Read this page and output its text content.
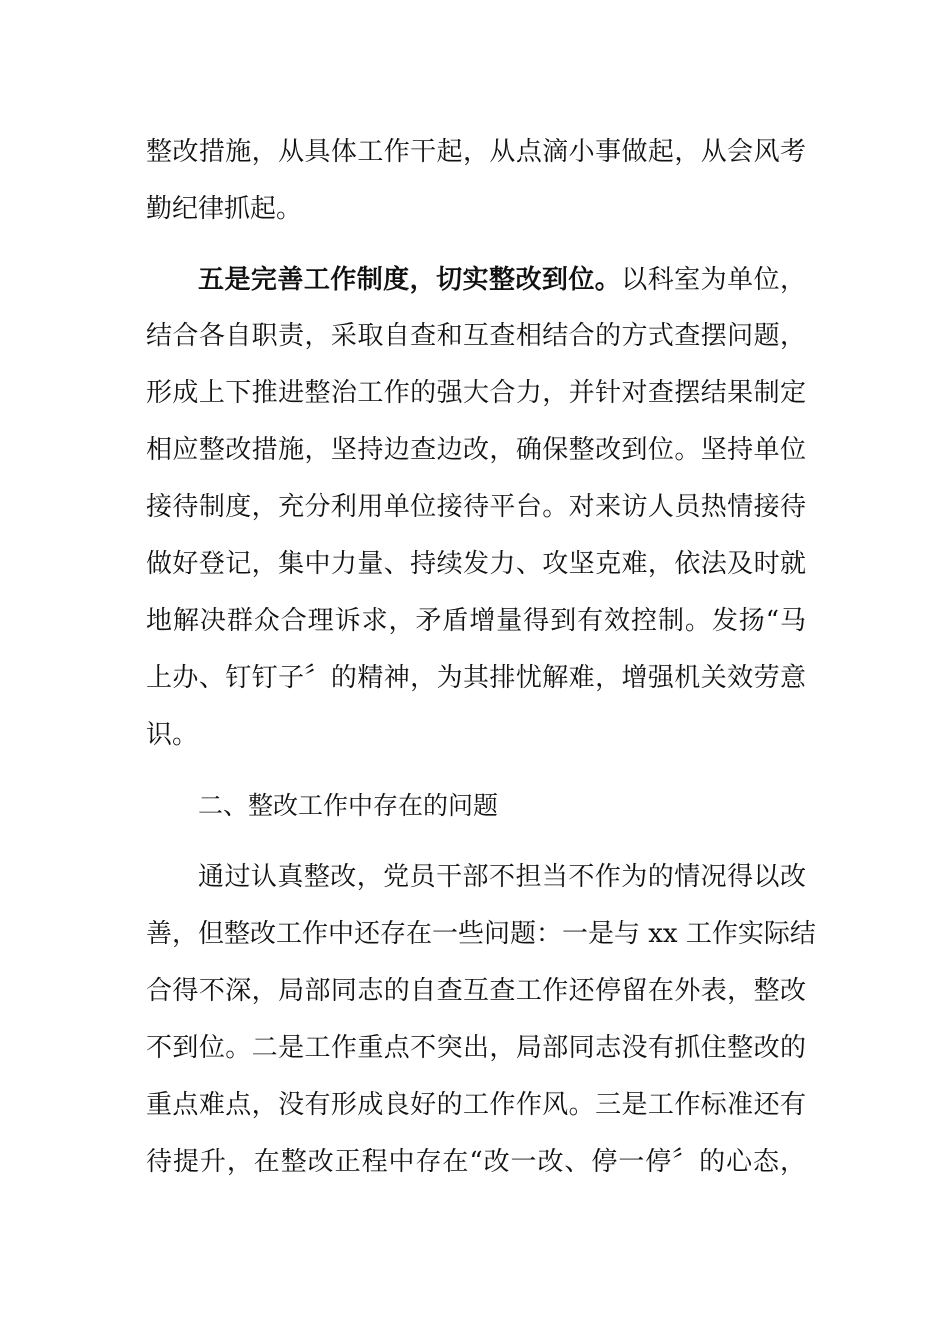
整改措施，从具体工作干起，从点滴小事做起，从会风考
勤纪律抓起。
五是完善工作制度，切实整改到位。以科室为单位，
结合各自职责，采取自查和互查相结合的方式查摆问题，
形成上下推进整治工作的强大合力，并针对查摆结果制定
相应整改措施，坚持边查边改，确保整改到位。坚持单位
接待制度，充分利用单位接待平台。对来访人员热情接待
做好登记，集中力量、持续发力、攻坚克难，依法及时就
地解决群众合理诉求，矛盾增量得到有效控制。发扬“马
上办、钉钉子〞的精神，为其排忧解难，增强机关效劳意
识。
二、整改工作中存在的问题
通过认真整改，党员干部不担当不作为的情况得以改
善，但整改工作中还存在一些问题：一是与 xx 工作实际结
合得不深，局部同志的自查互查工作还停留在外表，整改
不到位。二是工作重点不突出，局部同志没有抓住整改的
重点难点，没有形成良好的工作作风。三是工作标准还有
待提升，在整改正程中存在“改一改、停一停〞的心态，
